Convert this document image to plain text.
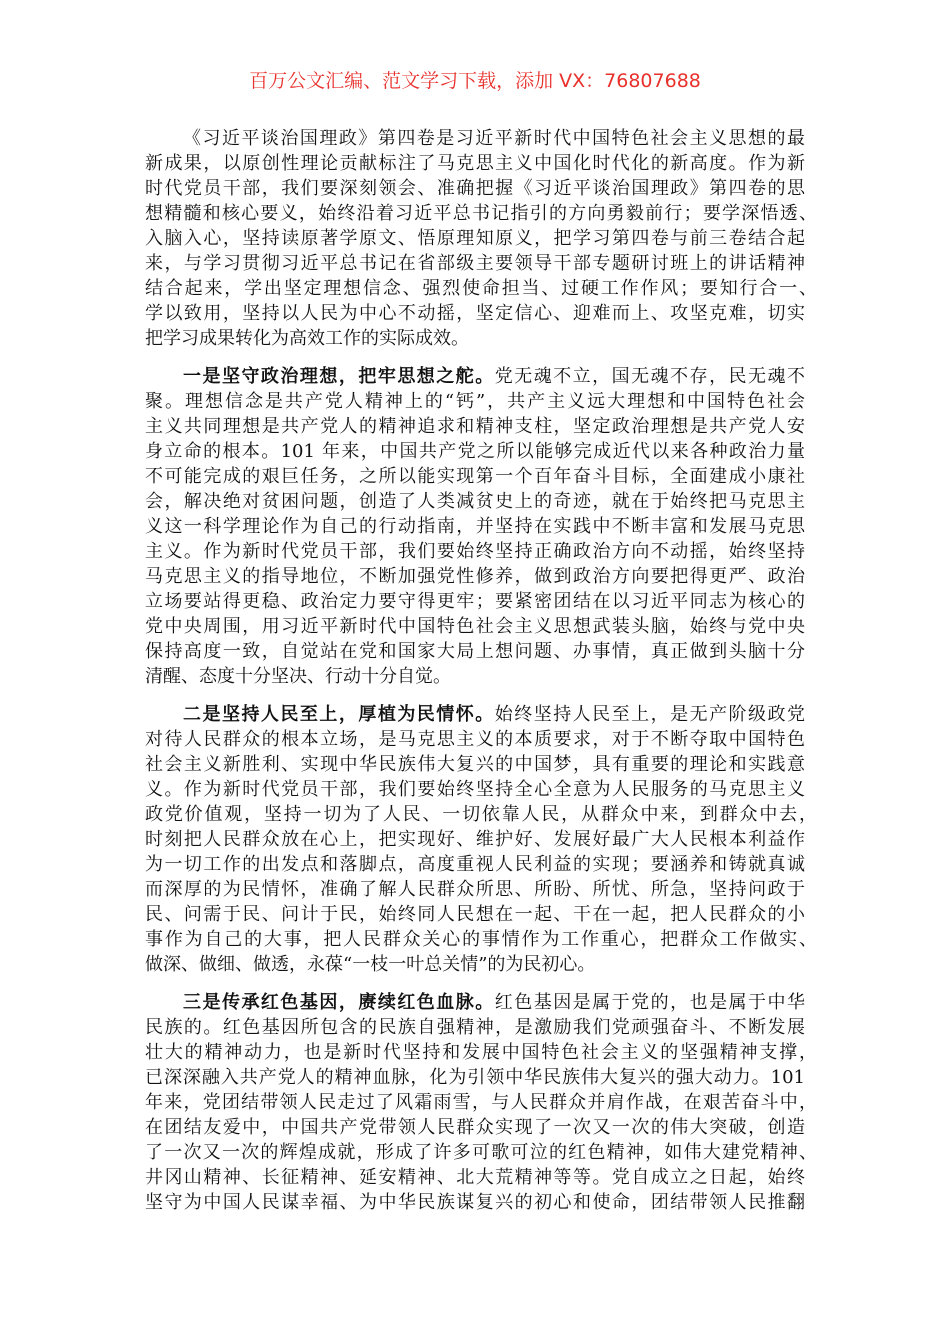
百万公文汇编、范文学习下载，添加 VX：76807688
《习近平谈治国理政》第四卷是习近平新时代中国特色社会主义思想的最
新成果，以原创性理论贡献标注了马克思主义中国化时代化的新高度。作为新
时代党员干部，我们要深刻领会、准确把握《习近平谈治国理政》第四卷的思
想精髓和核心要义，始终沿着习近平总书记指引的方向勇毅前行；要学深悟透、
入脑入心，坚持读原著学原文、悟原理知原义，把学习第四卷与前三卷结合起
来，与学习贯彻习近平总书记在省部级主要领导干部专题研讨班上的讲话精神
结合起来，学出坚定理想信念、强烈使命担当、过硬工作作风；要知行合一、
学以致用，坚持以人民为中心不动摇，坚定信心、迎难而上、攻坚克难，切实
把学习成果转化为高效工作的实际成效。
一是坚守政治理想，把牢思想之舵。党无魂不立，国无魂不存，民无魂不
聚。理想信念是共产党人精神上的“钙”，共产主义远大理想和中国特色社会
主义共同理想是共产党人的精神追求和精神支柱，坚定政治理想是共产党人安
身立命的根本。101 年来，中国共产党之所以能够完成近代以来各种政治力量
不可能完成的艰巨任务，之所以能实现第一个百年奋斗目标，全面建成小康社
会，解决绝对贫困问题，创造了人类减贫史上的奇迹，就在于始终把马克思主
义这一科学理论作为自己的行动指南，并坚持在实践中不断丰富和发展马克思
主义。作为新时代党员干部，我们要始终坚持正确政治方向不动摇，始终坚持
马克思主义的指导地位，不断加强党性修养，做到政治方向要把得更严、政治
立场要站得更稳、政治定力要守得更牢；要紧密团结在以习近平同志为核心的
党中央周围，用习近平新时代中国特色社会主义思想武装头脑，始终与党中央
保持高度一致，自觉站在党和国家大局上想问题、办事情，真正做到头脑十分
清醒、态度十分坚决、行动十分自觉。
二是坚持人民至上，厚植为民情怀。始终坚持人民至上，是无产阶级政党
对待人民群众的根本立场，是马克思主义的本质要求，对于不断夺取中国特色
社会主义新胜利、实现中华民族伟大复兴的中国梦，具有重要的理论和实践意
义。作为新时代党员干部，我们要始终坚持全心全意为人民服务的马克思主义
政党价值观，坚持一切为了人民、一切依靠人民，从群众中来，到群众中去，
时刻把人民群众放在心上，把实现好、维护好、发展好最广大人民根本利益作
为一切工作的出发点和落脚点，高度重视人民利益的实现；要涵养和铸就真诚
而深厚的为民情怀，准确了解人民群众所思、所盼、所忧、所急，坚持问政于
民、问需于民、问计于民，始终同人民想在一起、干在一起，把人民群众的小
事作为自己的大事，把人民群众关心的事情作为工作重心，把群众工作做实、
做深、做细、做透，永葆“一枝一叶总关情”的为民初心。
三是传承红色基因，赓续红色血脉。红色基因是属于党的，也是属于中华
民族的。红色基因所包含的民族自强精神，是激励我们党顽强奋斗、不断发展
壮大的精神动力，也是新时代坚持和发展中国特色社会主义的坚强精神支撑，
已深深融入共产党人的精神血脉，化为引领中华民族伟大复兴的强大动力。101
年来，党团结带领人民走过了风霜雨雪，与人民群众并肩作战，在艰苦奋斗中，
在团结友爱中，中国共产党带领人民群众实现了一次又一次的伟大突破，创造
了一次又一次的辉煌成就，形成了许多可歌可泣的红色精神，如伟大建党精神、
井冈山精神、长征精神、延安精神、北大荒精神等等。党自成立之日起，始终
坚守为中国人民谋幸福、为中华民族谋复兴的初心和使命，团结带领人民推翻
